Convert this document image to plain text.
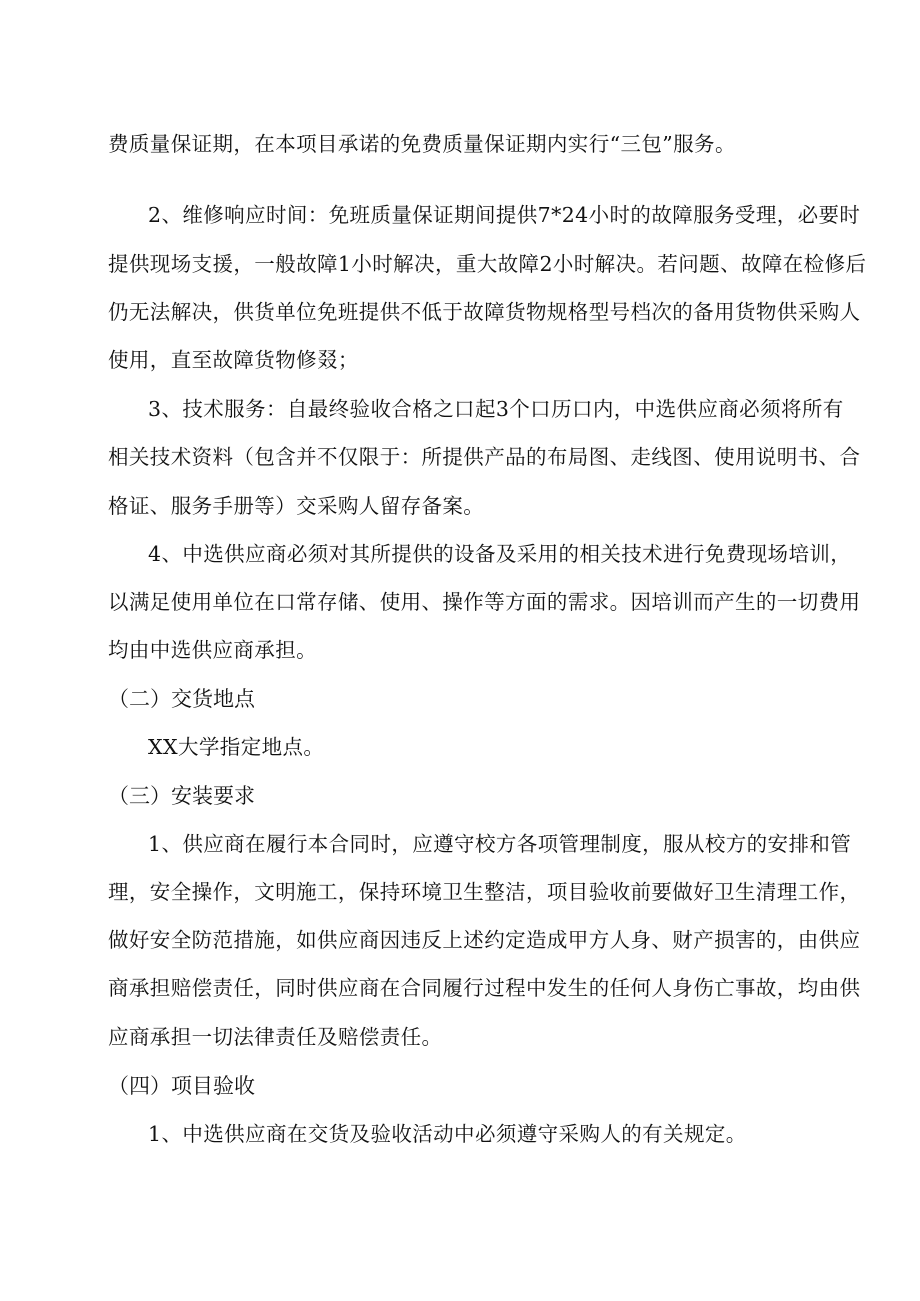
费质量保证期，在本项目承诺的免费质量保证期内实行“三包”服务。
2、维修响应时间：免班质量保证期间提供7*24小时的故障服务受理，必要时
提供现场支援，一般故障1小时解决，重大故障2小时解决。若问题、故障在检修后
仍无法解决，供货单位免班提供不低于故障货物规格型号档次的备用货物供采购人
使用，直至故障货物修叕；
3、技术服务：自最终验收合格之口起3个口历口内，中选供应商必须将所有
相关技术资料（包含并不仅限于：所提供产品的布局图、走线图、使用说明书、合
格证、服务手册等）交采购人留存备案。
4、中选供应商必须对其所提供的设备及采用的相关技术进行免费现场培训，
以满足使用单位在口常存储、使用、操作等方面的需求。因培训而产生的一切费用
均由中选供应商承担。
（二）交货地点
XX大学指定地点。
（三）安装要求
1、供应商在履行本合同时，应遵守校方各项管理制度，服从校方的安排和管
理，安全操作，文明施工，保持环境卫生整洁，项目验收前要做好卫生清理工作，
做好安全防范措施，如供应商因违反上述约定造成甲方人身、财产损害的，由供应
商承担赔偿责任，同时供应商在合同履行过程中发生的任何人身伤亡事故，均由供
应商承担一切法律责任及赔偿责任。
（四）项目验收
1、中选供应商在交货及验收活动中必须遵守采购人的有关规定。
